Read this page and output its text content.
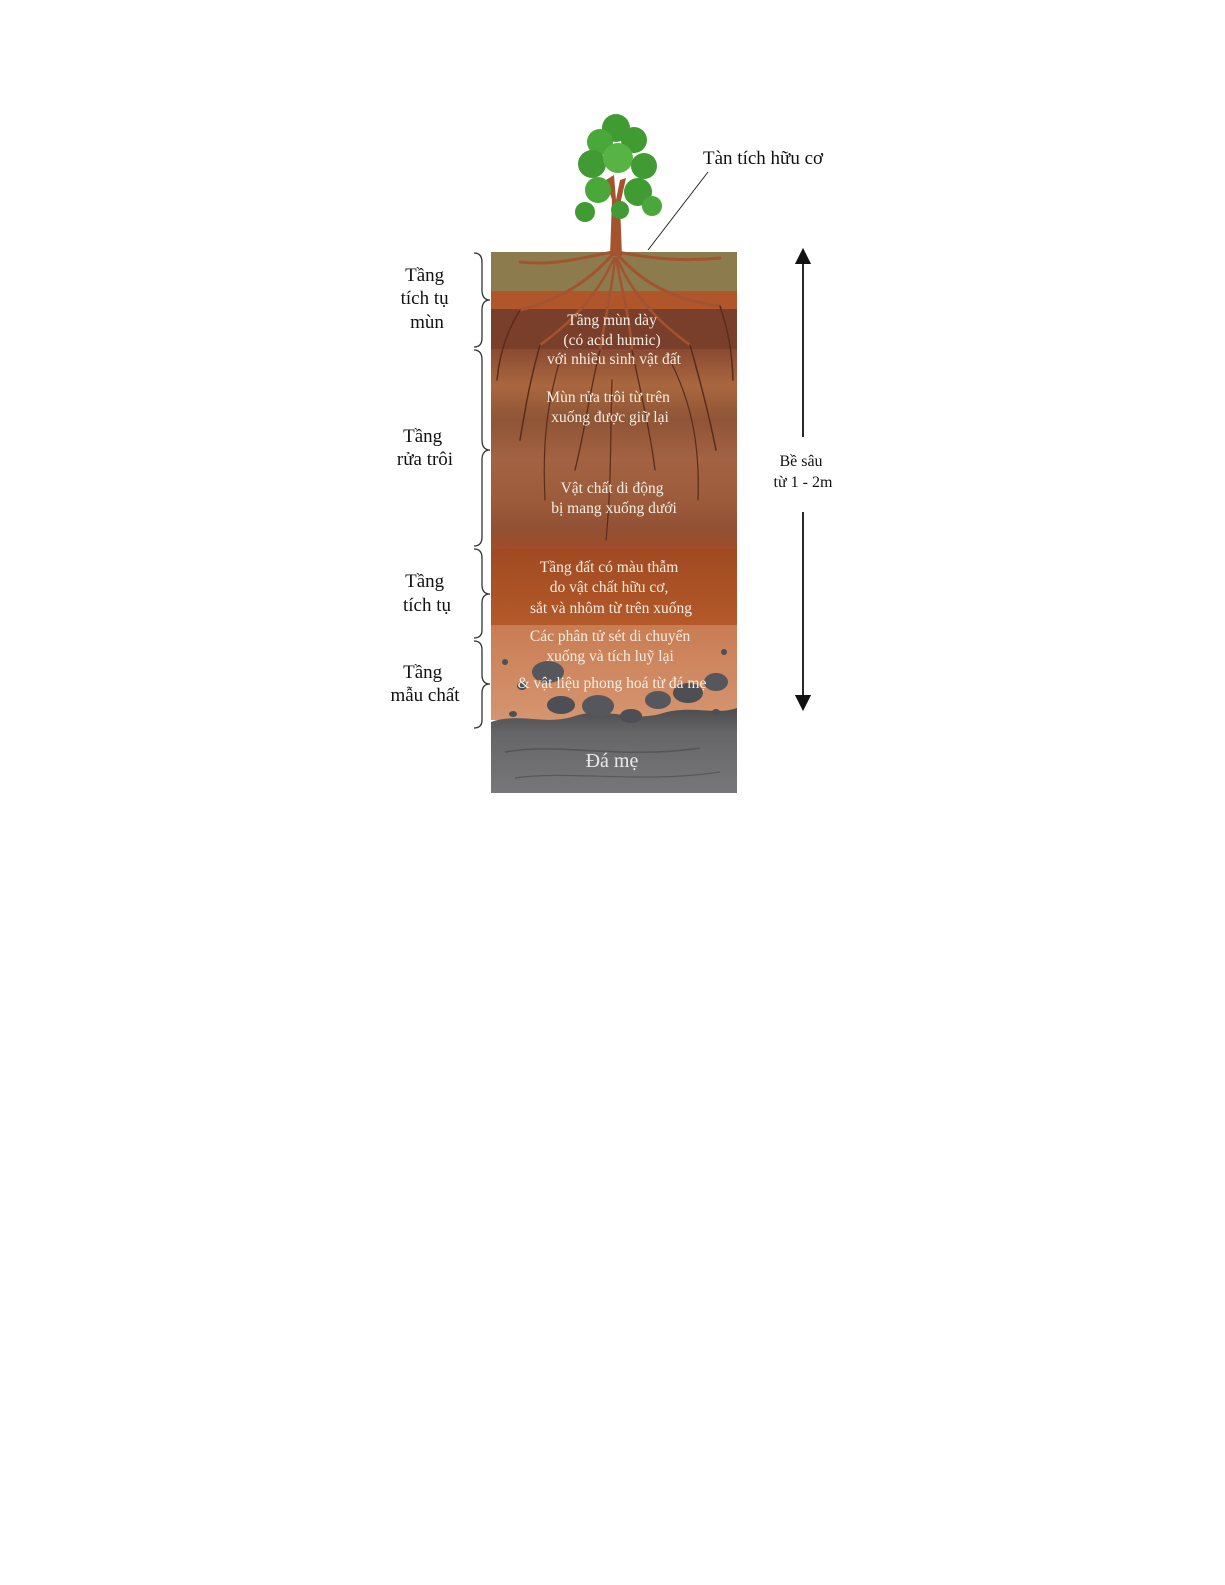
Tàn tích hữu cơ
Tầng tích tụ mùn
Tầng rửa trôi
Tầng tích tụ
Tầng mẫu chất
Tầng mùn dày (có acid humic) với nhiều sinh vật đất
Mùn rửa trôi từ trên xuống được giữ lại
Vật chất di động bị mang xuống dưới
Tầng đất có màu thẫm do vật chất hữu cơ, sắt và nhôm từ trên xuống
Các phân tử sét di chuyển xuống và tích luỹ lại & vật liệu phong hoá từ đá mẹ
Đá mẹ
Bề sâu từ 1 - 2m
